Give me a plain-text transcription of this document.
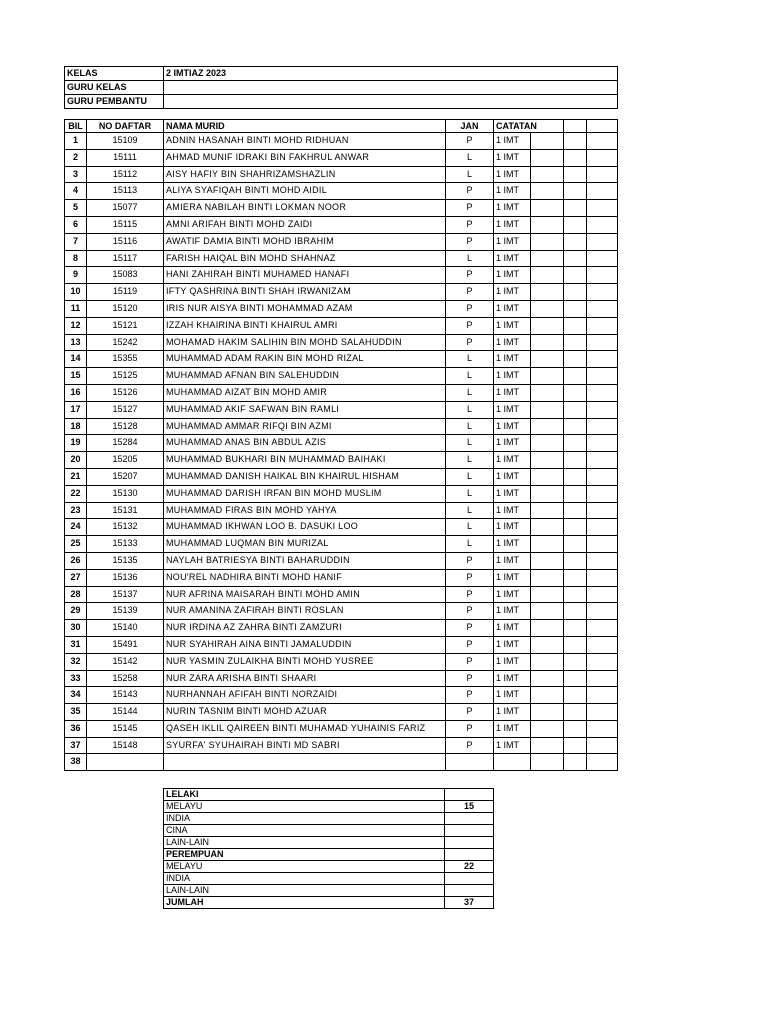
KELAS	2 IMTIAZ 2023
GURU KELAS	
GURU PEMBANTU	
BIL	NO DAFTAR	NAMA MURID	JAN	CATATAN			
1	15109	ADNIN HASANAH BINTI MOHD RIDHUAN	P	1 IMT			
2	15111	AHMAD MUNIF IDRAKI BIN FAKHRUL ANWAR	L	1 IMT			
3	15112	AISY HAFIY BIN SHAHRIZAMSHAZLIN	L	1 IMT			
4	15113	ALIYA SYAFIQAH BINTI MOHD AIDIL	P	1 IMT			
5	15077	AMIERA NABILAH BINTI LOKMAN NOOR	P	1 IMT			
6	15115	AMNI ARIFAH BINTI MOHD ZAIDI	P	1 IMT			
7	15116	AWATIF DAMIA BINTI MOHD IBRAHIM	P	1 IMT			
8	15117	FARISH HAIQAL BIN MOHD SHAHNAZ	L	1 IMT			
9	15083	HANI ZAHIRAH BINTI MUHAMED HANAFI	P	1 IMT			
10	15119	IFTY QASHRINA BINTI SHAH IRWANIZAM	P	1 IMT			
11	15120	IRIS NUR AISYA BINTI MOHAMMAD AZAM	P	1 IMT			
12	15121	IZZAH KHAIRINA BINTI KHAIRUL AMRI	P	1 IMT			
13	15242	MOHAMAD HAKIM SALIHIN BIN MOHD SALAHUDDIN	P	1 IMT			
14	15355	MUHAMMAD ADAM RAKIN BIN MOHD RIZAL	L	1 IMT			
15	15125	MUHAMMAD AFNAN BIN SALEHUDDIN	L	1 IMT			
16	15126	MUHAMMAD AIZAT BIN MOHD AMIR	L	1 IMT			
17	15127	MUHAMMAD AKIF SAFWAN BIN RAMLI	L	1 IMT			
18	15128	MUHAMMAD AMMAR RIFQI BIN AZMI	L	1 IMT			
19	15284	MUHAMMAD ANAS BIN ABDUL AZIS	L	1 IMT			
20	15205	MUHAMMAD BUKHARI BIN MUHAMMAD BAIHAKI	L	1 IMT			
21	15207	MUHAMMAD DANISH HAIKAL BIN KHAIRUL HISHAM	L	1 IMT			
22	15130	MUHAMMAD DARISH IRFAN BIN MOHD MUSLIM	L	1 IMT			
23	15131	MUHAMMAD FIRAS BIN MOHD YAHYA	L	1 IMT			
24	15132	MUHAMMAD IKHWAN LOO B. DASUKI LOO	L	1 IMT			
25	15133	MUHAMMAD LUQMAN BIN MURIZAL	L	1 IMT			
26	15135	NAYLAH BATRIESYA BINTI BAHARUDDIN	P	1 IMT			
27	15136	NOU'REL NADHIRA BINTI MOHD HANIF	P	1 IMT			
28	15137	NUR AFRINA MAISARAH BINTI MOHD AMIN	P	1 IMT			
29	15139	NUR AMANINA ZAFIRAH BINTI ROSLAN	P	1 IMT			
30	15140	NUR IRDINA AZ ZAHRA BINTI ZAMZURI	P	1 IMT			
31	15491	NUR SYAHIRAH AINA BINTI JAMALUDDIN	P	1 IMT			
32	15142	NUR YASMIN ZULAIKHA BINTI MOHD YUSREE	P	1 IMT			
33	15258	NUR ZARA ARISHA BINTI SHAARI	P	1 IMT			
34	15143	NURHANNAH AFIFAH BINTI NORZAIDI	P	1 IMT			
35	15144	NURIN TASNIM BINTI MOHD AZUAR	P	1 IMT			
36	15145	QASEH IKLIL QAIREEN BINTI MUHAMAD YUHAINIS FARIZ	P	1 IMT			
37	15148	SYURFA' SYUHAIRAH BINTI MD SABRI	P	1 IMT			
38							
LELAKI	
MELAYU	15
INDIA	
CINA	
LAIN-LAIN	
PEREMPUAN	
MELAYU	22
INDIA	
LAIN-LAIN	
JUMLAH	37
